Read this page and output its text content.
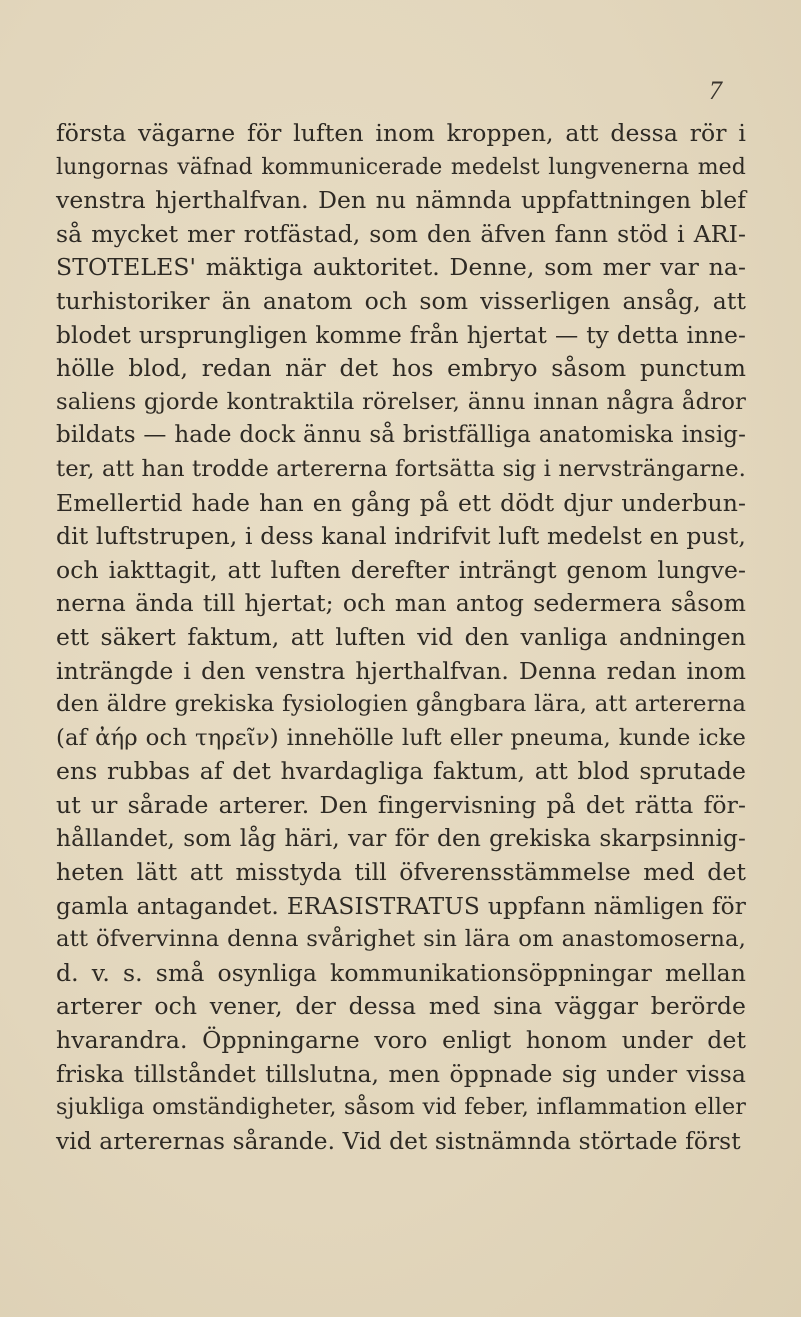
7
första vägarne för luften inom kroppen, att dessa rör i
lungornas väfnad kommunicerade medelst lungvenerna med
venstra hjerthalfvan. Den nu nämnda uppfattningen blef
så mycket mer rotfästad, som den äfven fann stöd i ARI-
STOTELES' mäktiga auktoritet. Denne, som mer var na-
turhistoriker än anatom och som visserligen ansåg, att
blodet ursprungligen komme från hjertat — ty detta inne-
höllе blod, redan när det hos embryo såsom punctum
saliens gjorde kontraktila rörelser, ännu innan några ådror
bildats — hade dock ännu så bristfälliga anatomiska insig-
ter, att han trodde artererna fortsätta sig i nervsträngarne.
Emellertid hade han en gång på ett dödt djur underbun-
dit luftstrupen, i dess kanal indrifvit luft medelst en pust,
och iakttagit, att luften derefter inträngt genom lungve-
nerna ända till hjertat; och man antog sedermera såsom
ett säkert faktum, att luften vid den vanliga andningen
inträngde i den venstra hjerthalfvan. Denna redan inom
den äldre grekiska fysiologien gångbara lära, att artererna
(af ἀήρ och τηρεῖν) innehölle luft eller pneuma, kunde icke
ens rubbas af det hvardagliga faktum, att blod sprutade
ut ur sårade arterer. Den fingervisning på det rätta för-
hållandet, som låg häri, var för den grekiska skarpsinnig-
heten lätt att misstyda till öfverensstämmelse med det
gamla antagandet. ERASISTRATUS uppfann nämligen för
att öfvervinna denna svårighet sin lära om anastomoserna,
d. v. s. små osynliga kommunikationsöppningar mellan
arterer och vener, der dessa med sina väggar berörde
hvarandra. Öppningarne voro enligt honom under det
friska tillståndet tillslutna, men öppnade sig under vissa
sjukliga omständigheter, såsom vid feber, inflammation eller
vid arterernas sårande. Vid det sistnämnda störtade först
